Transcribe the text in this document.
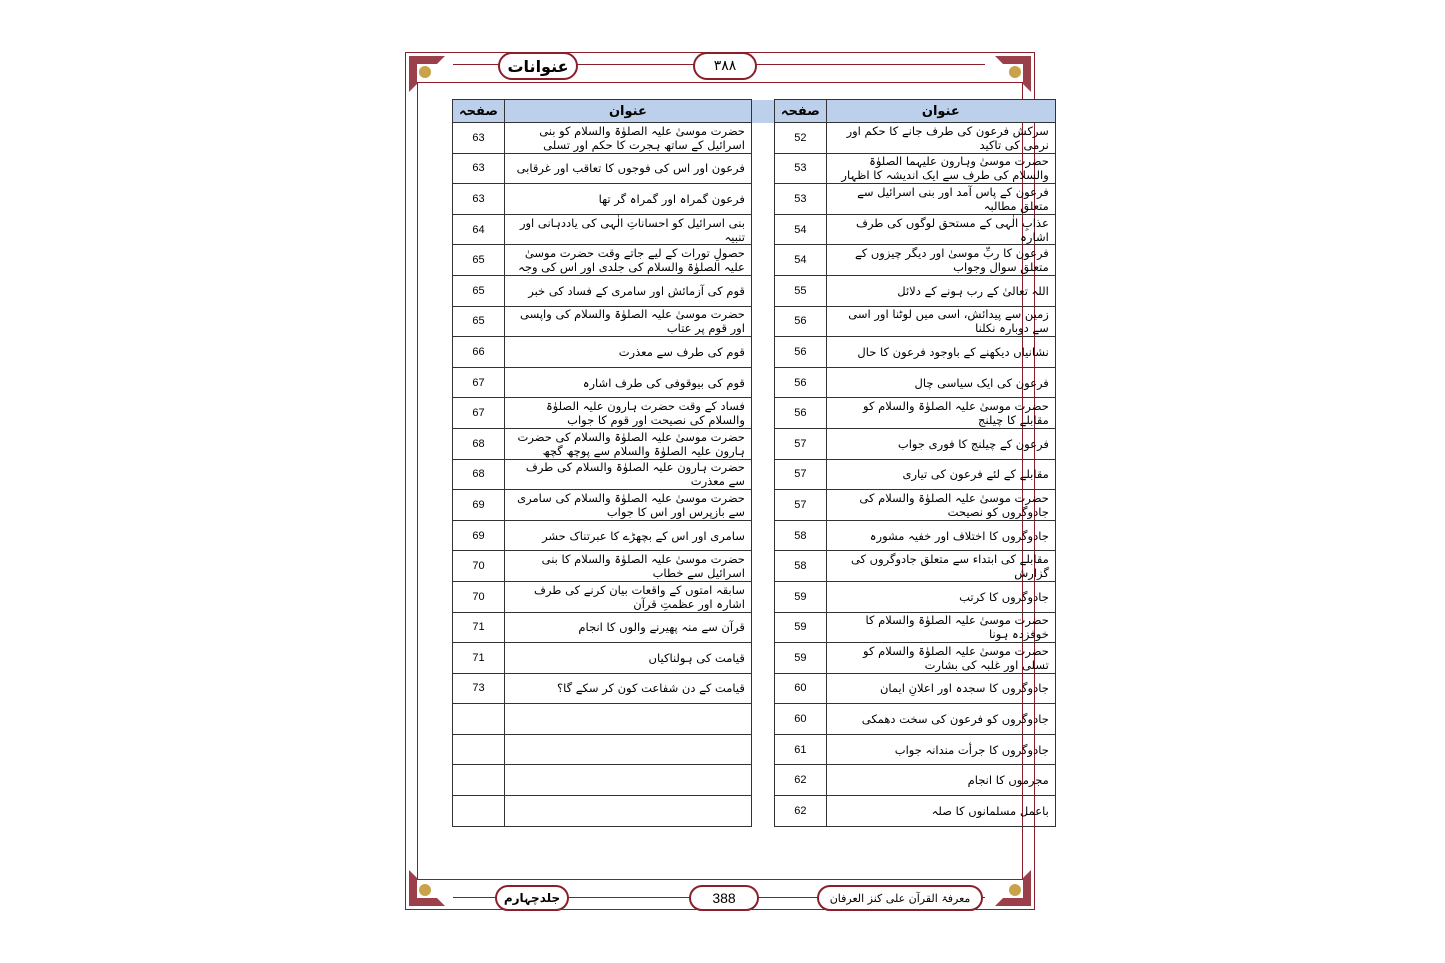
عنوانات	٣٨٨
جلدچہارم	388	معرفۃ القرآن علی کنز العرفان
عنوان	صفحہ		عنوان	صفحہ
سرکش فرعون کی طرف جانے کا حکم اور نرمی کی تاکید	52		حضرت موسیٰ علیہ الصلوٰۃ والسلام کو بنی اسرائیل کے ساتھ ہجرت کا حکم اور تسلی	63
حضرت موسیٰ وہارون علیہما الصلوٰۃ والسلام کی طرف سے ایک اندیشہ کا اظہار	53		فرعون اور اس کی فوجوں کا تعاقب اور غرقابی	63
فرعون کے پاس آمد اور بنی اسرائیل سے متعلق مطالبہ	53		فرعون گمراہ اور گمراہ گر تھا	63
عذابِ الٰہی کے مستحق لوگوں کی طرف اشارہ	54		بنی اسرائیل کو احساناتِ الٰہی کی یاددہانی اور تنبیہ	64
فرعون کا ربِّ موسیٰ اور دیگر چیزوں کے متعلق سوال وجواب	54		حصولِ تورات کے لیے جاتے وقت حضرت موسیٰ علیہ الصلوٰۃ والسلام کی جلدی اور اس کی وجہ	65
اللہ تعالیٰ کے رب ہونے کے دلائل	55		قوم کی آزمائش اور سامری کے فساد کی خبر	65
زمین سے پیدائش، اسی میں لوٹنا اور اسی سے دوبارہ نکلنا	56		حضرت موسیٰ علیہ الصلوٰۃ والسلام کی واپسی اور قوم پر عتاب	65
نشانیاں دیکھنے کے باوجود فرعون کا حال	56		قوم کی طرف سے معذرت	66
فرعون کی ایک سیاسی چال	56		قوم کی بیوقوفی کی طرف اشارہ	67
حضرت موسیٰ علیہ الصلوٰۃ والسلام کو مقابلے کا چیلنج	56		فساد کے وقت حضرت ہارون علیہ الصلوٰۃ والسلام کی نصیحت اور قوم کا جواب	67
فرعون کے چیلنج کا فوری جواب	57		حضرت موسیٰ علیہ الصلوٰۃ والسلام کی حضرت ہارون علیہ الصلوٰۃ والسلام سے پوچھ گچھ	68
مقابلے کے لئے فرعون کی تیاری	57		حضرت ہارون علیہ الصلوٰۃ والسلام کی طرف سے معذرت	68
حضرت موسیٰ علیہ الصلوٰۃ والسلام کی جادوگروں کو نصیحت	57		حضرت موسیٰ علیہ الصلوٰۃ والسلام کی سامری سے بازپرس اور اس کا جواب	69
جادوگروں کا اختلاف اور خفیہ مشورہ	58		سامری اور اس کے بچھڑے کا عبرتناک حشر	69
مقابلے کی ابتداء سے متعلق جادوگروں کی گزارش	58		حضرت موسیٰ علیہ الصلوٰۃ والسلام کا بنی اسرائیل سے خطاب	70
جادوگروں کا کرتب	59		سابقہ امتوں کے واقعات بیان کرنے کی طرف اشارہ اور عظمتِ قرآن	70
حضرت موسیٰ علیہ الصلوٰۃ والسلام کا خوفزدہ ہونا	59		قرآن سے منہ پھیرنے والوں کا انجام	71
حضرت موسیٰ علیہ الصلوٰۃ والسلام کو تسلی اور غلبہ کی بشارت	59		قیامت کی ہولناکیاں	71
جادوگروں کا سجدہ اور اعلانِ ایمان	60		قیامت کے دن شفاعت کون کر سکے گا؟	73
جادوگروں کو فرعون کی سخت دھمکی	60			
جادوگروں کا جرأت مندانہ جواب	61			
مجرموں کا انجام	62			
باعمل مسلمانوں کا صلہ	62			
